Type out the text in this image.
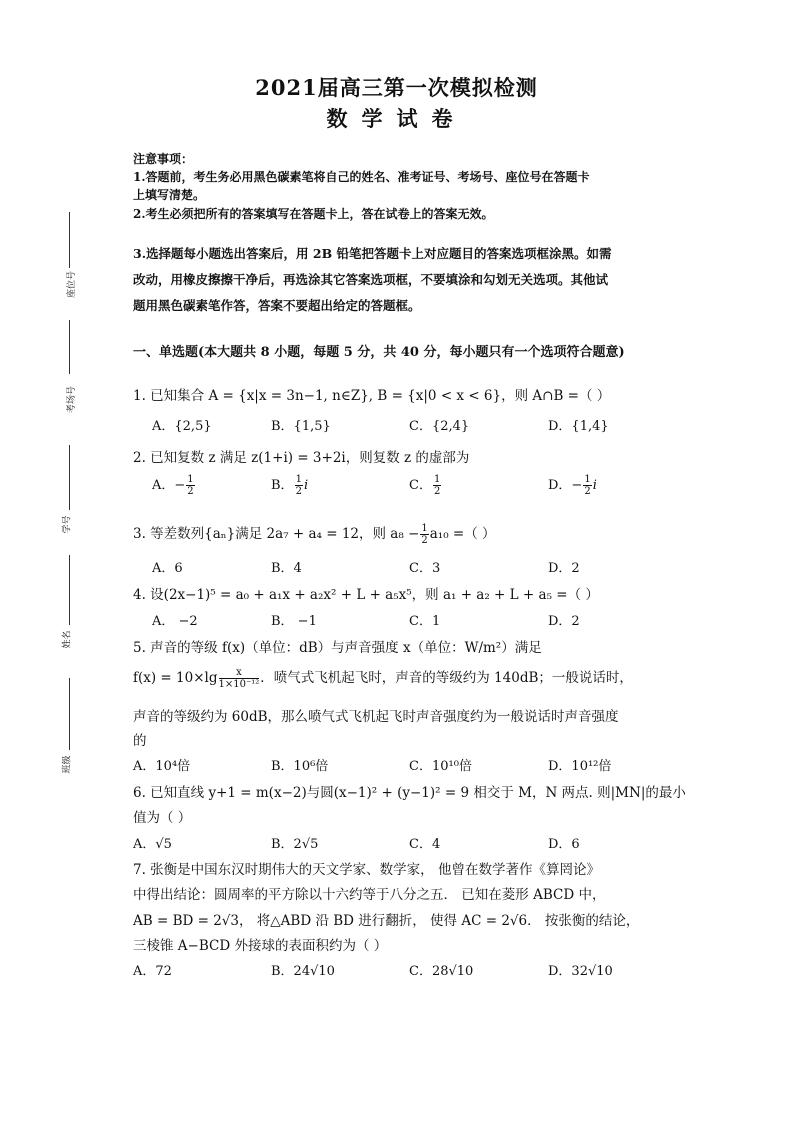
2021届高三第一次模拟检测
数学试卷
注意事项：
1.答题前，考生务必用黑色碳素笔将自己的姓名、准考证号、考场号、座位号在答题卡
上填写清楚。
2.考生必须把所有的答案填写在答题卡上，答在试卷上的答案无效。
3.选择题每小题选出答案后，用 2B 铅笔把答题卡上对应题目的答案选项框涂黑。如需
改动，用橡皮擦擦干净后，再选涂其它答案选项框，不要填涂和勾划无关选项。其他试
题用黑色碳素笔作答，答案不要超出给定的答题框。
一、单选题(本大题共 8 小题，每题 5 分，共 40 分，每小题只有一个选项符合题意)
座位号
考场号
学号
姓名
班级
1. 已知集合 A = {x|x = 3n−1, n∈Z}, B = {x|0 < x < 6}，则 A∩B =（ ）
A．{2,5}	B．{1,5}	C．{2,4}	D．{1,4}
2. 已知复数 z 满足 z(1+i) = 3+2i，则复数 z 的虚部为
A．− $\frac{1}{2}$	B． $\frac{1}{2}$ i	C． $\frac{1}{2}$	D．− $\frac{1}{2}$ i
3. 等差数列{aₙ}满足 2a₇ + a₄ = 12，则 $a_8 - \frac{1}{2} a_{10}$ =（ ）
A．6	B．4	C．3	D．2
4. 设(2x−1)⁵ = a₀ + a₁x + a₂x² + L + a₅x⁵，则 a₁ + a₂ + L + a₅ =（ ）
A． −2	B． −1	C．1	D．2
5. 声音的等级 f(x)（单位：dB）与声音强度 x（单位：W/m²）满足
$f(x) = 10\times\lg \frac{x}{\text{1×10⁻¹²}}$ ．喷气式飞机起飞时，声音的等级约为 140dB；一般说话时，
声音的等级约为 60dB，那么喷气式飞机起飞时声音强度约为一般说话时声音强度
的
A．10⁴倍	B．10⁶倍	C．10¹⁰倍	D．10¹²倍
6. 已知直线 y+1 = m(x−2)与圆(x−1)² + (y−1)² = 9 相交于 M，N 两点. 则|MN|的最小
值为（ ）
A．√5	B．2√5	C．4	D．6
7. 张衡是中国东汉时期伟大的天文学家、数学家， 他曾在数学著作《算罔论》
中得出结论：圆周率的平方除以十六约等于八分之五． 已知在菱形 ABCD 中，
AB = BD = 2√3， 将△ABD 沿 BD 进行翻折， 使得 AC = 2√6． 按张衡的结论，
三棱锥 A−BCD 外接球的表面积约为（ ）
A．72	B．24√10	C．28√10	D．32√10
